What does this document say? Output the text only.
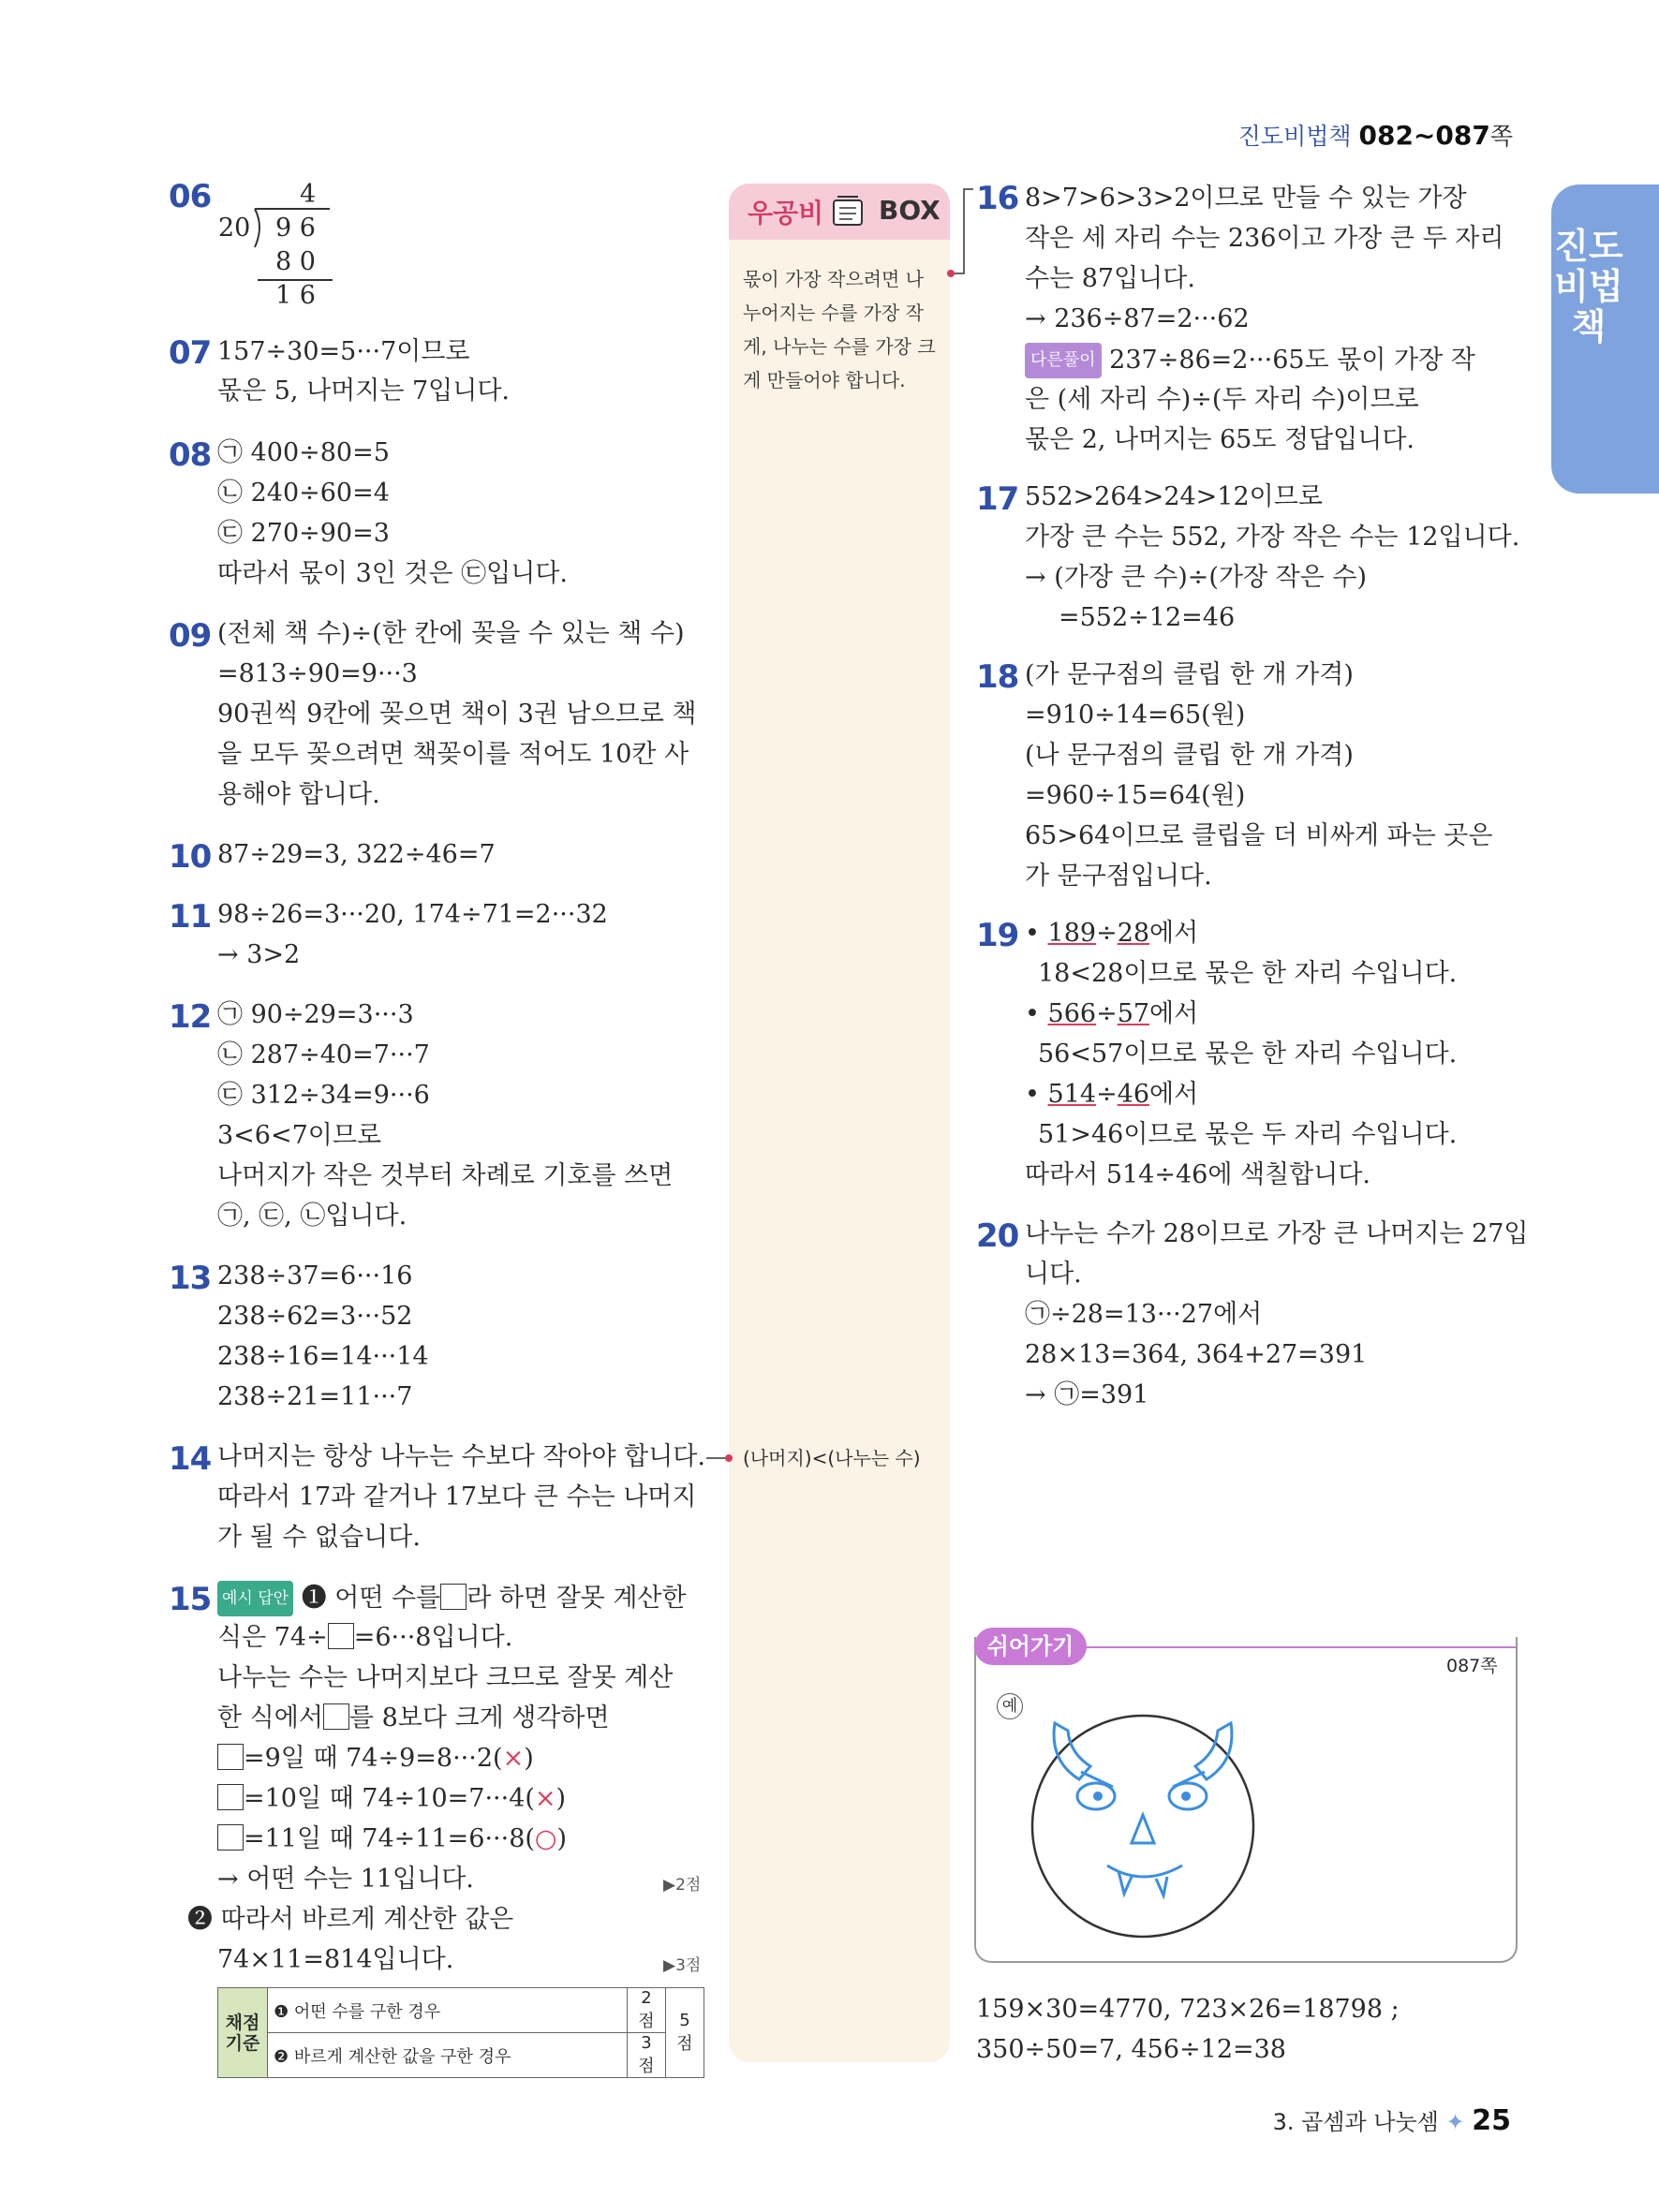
진도비법책 082~087쪽
진도비법책
06	4
20 9 6
8 0
1 6
07 157÷30=5···7이므로
몫은 5, 나머지는 7입니다.
08 ㉠ 400÷80=5
㉡ 240÷60=4
㉢ 270÷90=3
따라서 몫이 3인 것은 ㉢입니다.
09 (전체 책 수)÷(한 칸에 꽂을 수 있는 책 수)
=813÷90=9···3
90권씩 9칸에 꽂으면 책이 3권 남으므로 책
을 모두 꽂으려면 책꽂이를 적어도 10칸 사
용해야 합니다.
10 87÷29=3, 322÷46=7
11 98÷26=3···20, 174÷71=2···32
→ 3>2
12 ㉠ 90÷29=3···3
㉡ 287÷40=7···7
㉢ 312÷34=9···6
3<6<7이므로
나머지가 작은 것부터 차례로 기호를 쓰면
㉠, ㉢, ㉡입니다.
13 238÷37=6···16
238÷62=3···52
238÷16=14···14
238÷21=11···7
14 나머지는 항상 나누는 수보다 작아야 합니다.
따라서 17과 같거나 17보다 큰 수는 나머지
가 될 수 없습니다.
15 예시 답안 ❶ 어떤 수를 라 하면 잘못 계산한
식은 74÷ =6···8입니다.
나누는 수는 나머지보다 크므로 잘못 계산
한 식에서 를 8보다 크게 생각하면
=9일 때 74÷9=8···2(×)
=10일 때 74÷10=7···4(×)
=11일 때 74÷11=6···8(○)
→ 어떤 수는 11입니다.	▶2점
❷ 따라서 바르게 계산한 값은
74×11=814입니다.	▶3점
채점 기준	❶ 어떤 수를 구한 경우	2점	5점
	❷ 바르게 계산한 값을 구한 경우	3점	
우공비 BOX
몫이 가장 작으려면 나누어지는 수를 가장 작게, 나누는 수를 가장 크게 만들어야 합니다.
(나머지)<(나누는 수)
16 8>7>6>3>2이므로 만들 수 있는 가장
작은 세 자리 수는 236이고 가장 큰 두 자리
수는 87입니다.
→ 236÷87=2···62
다른풀이 237÷86=2···65도 몫이 가장 작
은 (세 자리 수)÷(두 자리 수)이므로
몫은 2, 나머지는 65도 정답입니다.
17 552>264>24>12이므로
가장 큰 수는 552, 가장 작은 수는 12입니다.
→ (가장 큰 수)÷(가장 작은 수)
=552÷12=46
18 (가 문구점의 클립 한 개 가격)
=910÷14=65(원)
(나 문구점의 클립 한 개 가격)
=960÷15=64(원)
65>64이므로 클립을 더 비싸게 파는 곳은
가 문구점입니다.
19 • 189÷28에서
18<28이므로 몫은 한 자리 수입니다.
• 566÷57에서
56<57이므로 몫은 한 자리 수입니다.
• 514÷46에서
51>46이므로 몫은 두 자리 수입니다.
따라서 514÷46에 색칠합니다.
20 나누는 수가 28이므로 가장 큰 나머지는 27입
니다.
㉠÷28=13···27에서
28×13=364, 364+27=391
→ ㉠=391
쉬어가기
087쪽
예
159×30=4770, 723×26=18798 ;
350÷50=7, 456÷12=38
3. 곱셈과 나눗셈 ✦ 25
